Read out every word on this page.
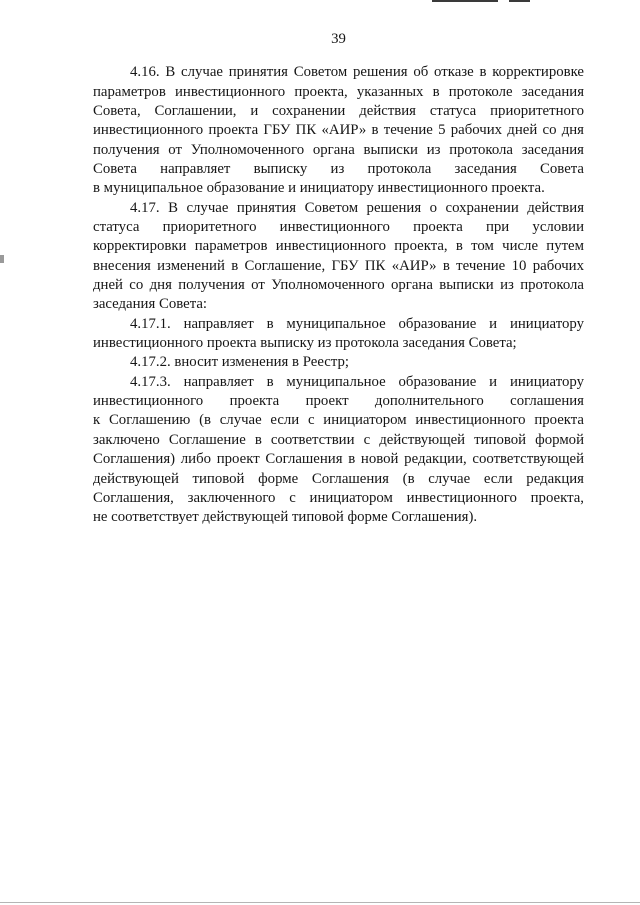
39
4.16. В случае принятия Советом решения об отказе в корректировке
параметров инвестиционного проекта, указанных в протоколе заседания
Совета, Соглашении, и сохранении действия статуса приоритетного
инвестиционного проекта ГБУ ПК «АИР» в течение 5 рабочих дней со дня
получения от Уполномоченного органа выписки из протокола заседания
Совета направляет выписку из протокола заседания Совета
в муниципальное образование и инициатору инвестиционного проекта.
4.17. В случае принятия Советом решения о сохранении действия
статуса приоритетного инвестиционного проекта при условии
корректировки параметров инвестиционного проекта, в том числе путем
внесения изменений в Соглашение, ГБУ ПК «АИР» в течение 10 рабочих
дней со дня получения от Уполномоченного органа выписки из протокола
заседания Совета:
4.17.1. направляет в муниципальное образование и инициатору
инвестиционного проекта выписку из протокола заседания Совета;
4.17.2. вносит изменения в Реестр;
4.17.3. направляет в муниципальное образование и инициатору
инвестиционного проекта проект дополнительного соглашения
к Соглашению (в случае если с инициатором инвестиционного проекта
заключено Соглашение в соответствии с действующей типовой формой
Соглашения) либо проект Соглашения в новой редакции, соответствующей
действующей типовой форме Соглашения (в случае если редакция
Соглашения, заключенного с инициатором инвестиционного проекта,
не соответствует действующей типовой форме Соглашения).
